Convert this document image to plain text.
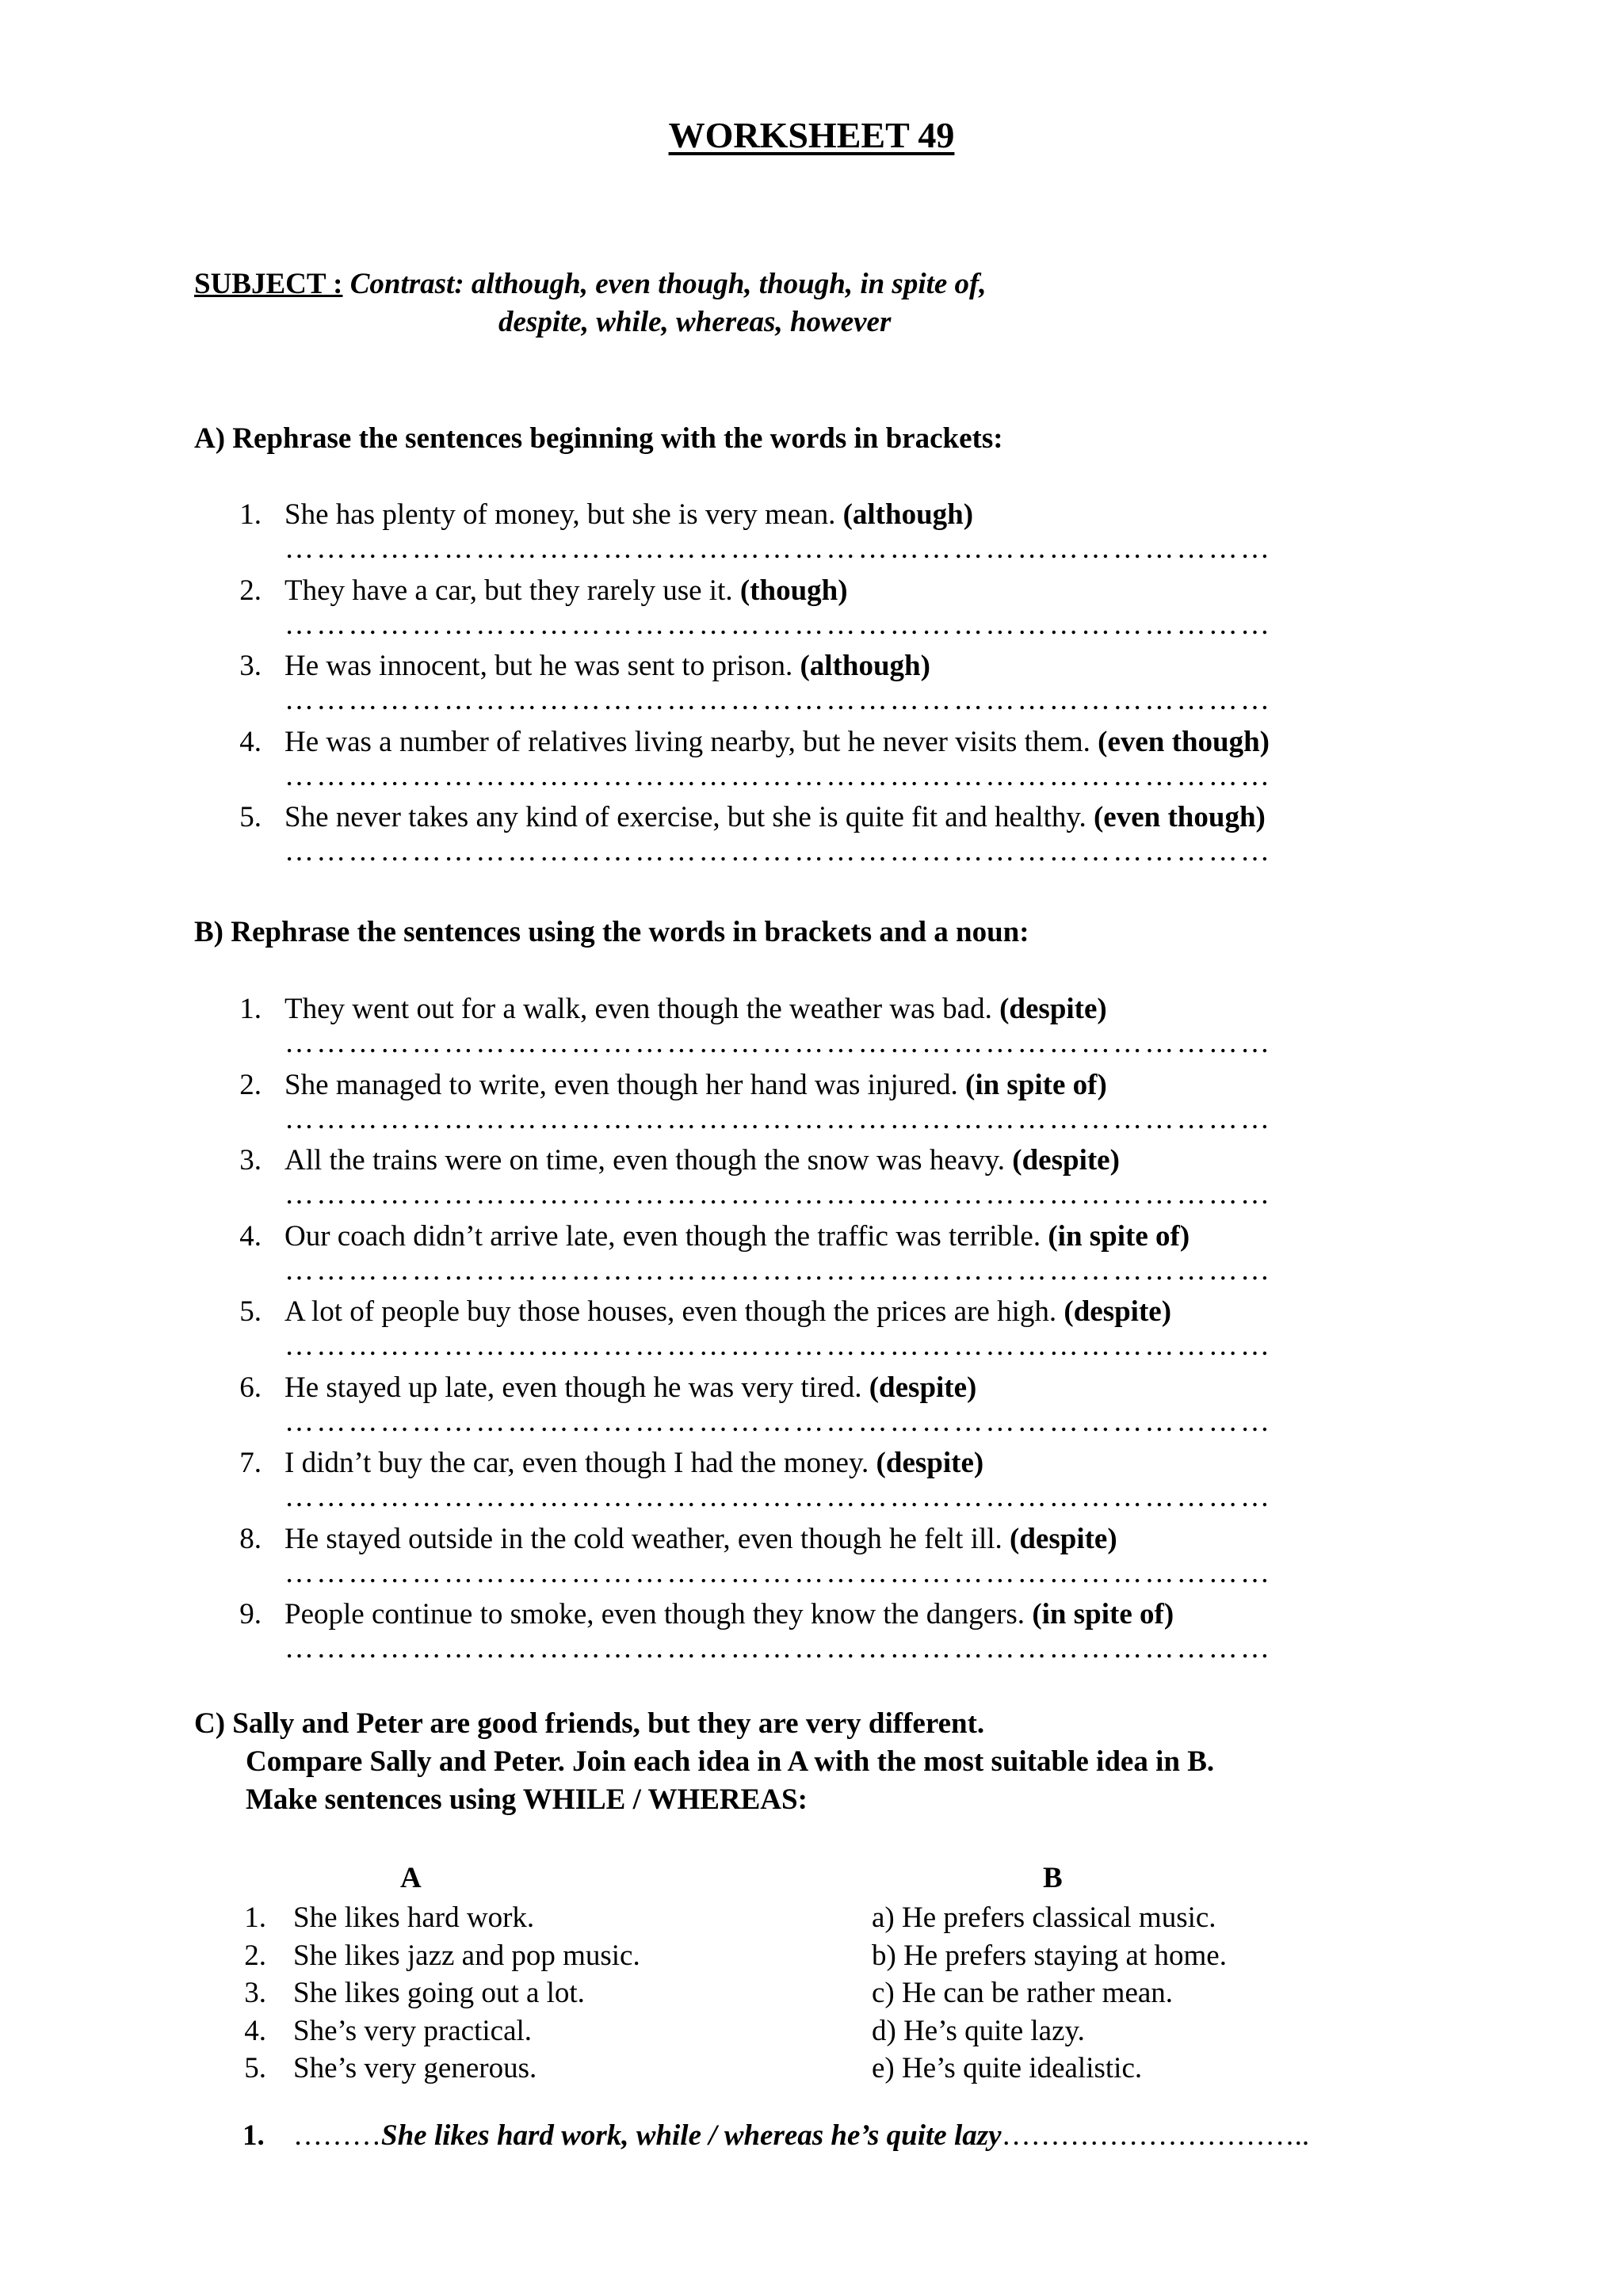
WORKSHEET 49
SUBJECT : Contrast: although, even though, though, in spite of,
despite, while, whereas, however
A) Rephrase the sentences beginning with the words in brackets:
1. She has plenty of money, but she is very mean. (although)
…………………………………………………………………………………
2. They have a car, but they rarely use it. (though)
…………………………………………………………………………………
3. He was innocent, but he was sent to prison. (although)
…………………………………………………………………………………
4. He was a number of relatives living nearby, but he never visits them. (even though)
…………………………………………………………………………………
5. She never takes any kind of exercise, but she is quite fit and healthy. (even though)
…………………………………………………………………………………
B) Rephrase the sentences using the words in brackets and a noun:
1. They went out for a walk, even though the weather was bad. (despite)
…………………………………………………………………………………
2. She managed to write, even though her hand was injured. (in spite of)
…………………………………………………………………………………
3. All the trains were on time, even though the snow was heavy. (despite)
…………………………………………………………………………………
4. Our coach didn’t arrive late, even though the traffic was terrible. (in spite of)
…………………………………………………………………………………
5. A lot of people buy those houses, even though the prices are high. (despite)
…………………………………………………………………………………
6. He stayed up late, even though he was very tired. (despite)
…………………………………………………………………………………
7. I didn’t buy the car, even though I had the money. (despite)
…………………………………………………………………………………
8. He stayed outside in the cold weather, even though he felt ill. (despite)
…………………………………………………………………………………
9. People continue to smoke, even though they know the dangers. (in spite of)
…………………………………………………………………………………
C) Sally and Peter are good friends, but they are very different.
Compare Sally and Peter. Join each idea in A with the most suitable idea in B.
Make sentences using WHILE / WHEREAS:
A	B
1. She likes hard work.	a) He prefers classical music.
2. She likes jazz and pop music.	b) He prefers staying at home.
3. She likes going out a lot.	c) He can be rather mean.
4. She’s very practical.	d) He’s quite lazy.
5. She’s very generous.	e) He’s quite idealistic.
1. ………She likes hard work, while / whereas he’s quite lazy…………………………..
